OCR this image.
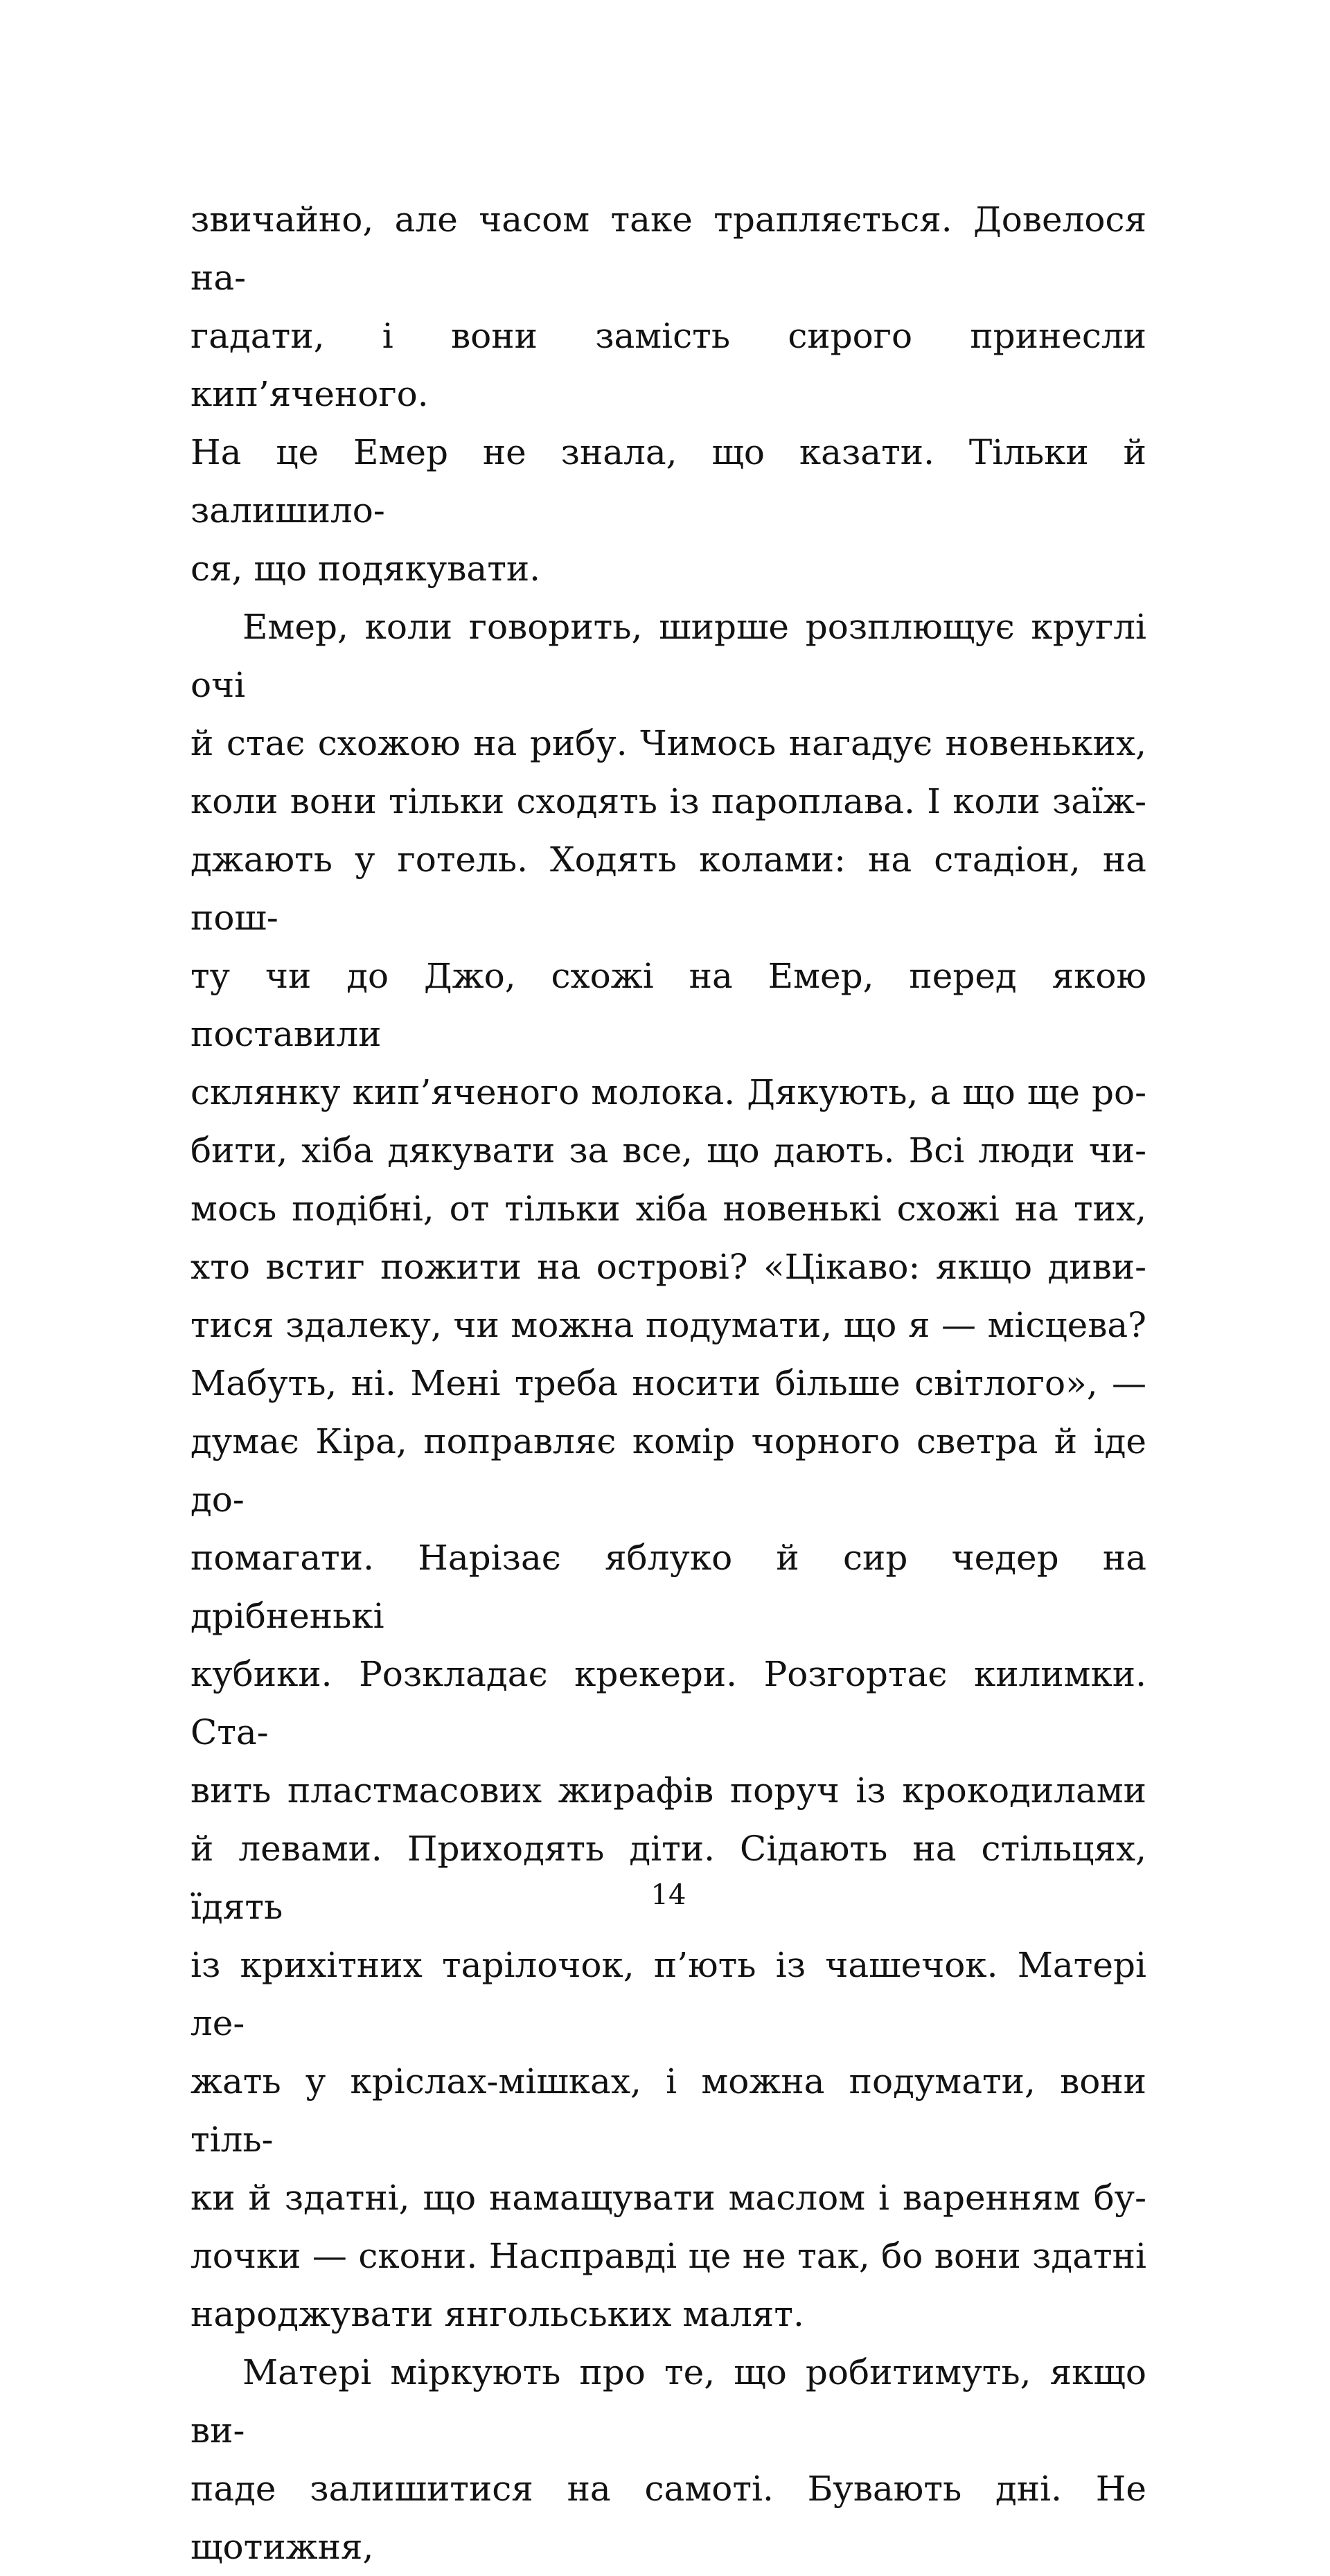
звичайно, але часом таке трапляється. Довелося на-
гадати, і вони замість сирого принесли кип’яченого.
На це Емер не знала, що казати. Тільки й залишило-
ся, що подякувати.
Емер, коли говорить, ширше розплющує круглі очі
й стає схожою на рибу. Чимось нагадує новеньких,
коли вони тільки сходять із пароплава. І коли заїж-
джають у готель. Ходять колами: на стадіон, на пош-
ту чи до Джо, схожі на Емер, перед якою поставили
склянку кип’яченого молока. Дякують, а що ще ро-
бити, хіба дякувати за все, що дають. Всі люди чи-
мось подібні, от тільки хіба новенькі схожі на тих,
хто встиг пожити на острові? «Цікаво: якщо диви-
тися здалеку, чи можна подумати, що я — місцева?
Мабуть, ні. Мені треба носити більше світлого», —
думає Кіра, поправляє комір чорного светра й іде до-
помагати. Нарізає яблуко й сир чедер на дрібненькі
кубики. Розкладає крекери. Розгортає килимки. Ста-
вить пластмасових жирафів поруч із крокодилами
й левами. Приходять діти. Сідають на стільцях, їдять
із крихітних тарілочок, п’ють із чашечок. Матері ле-
жать у кріслах-мішках, і можна подумати, вони тіль-
ки й здатні, що намащувати маслом і варенням бу-
лочки — скони. Насправді це не так, бо вони здатні
народжувати янгольських малят.
Матері міркують про те, що робитимуть, якщо ви-
паде залишитися на самоті. Бувають дні. Не щотижня,
14
